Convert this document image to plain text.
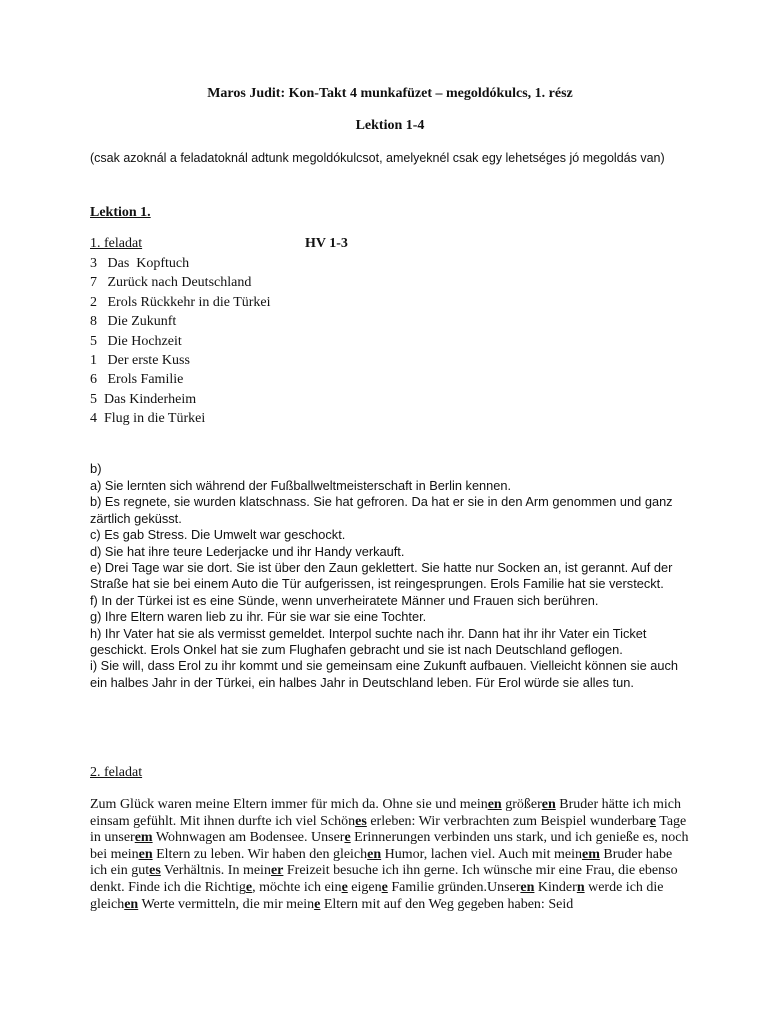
Maros Judit: Kon-Takt 4 munkafüzet – megoldókulcs, 1. rész
Lektion 1-4
(csak azoknál a feladatoknál adtunk megoldókulcsot, amelyeknél csak egy lehetséges jó megoldás van)
Lektion 1.
1. feladat	HV 1-3
3   Das  Kopftuch
7   Zurück nach Deutschland
2   Erols Rückkehr in die Türkei
8   Die Zukunft
5   Die Hochzeit
1   Der erste Kuss
6   Erols Familie
5  Das Kinderheim
4  Flug in die Türkei
b)
a) Sie lernten sich während der Fußballweltmeisterschaft in Berlin kennen.
b) Es regnete, sie wurden klatschnass. Sie hat gefroren. Da hat er sie in den Arm genommen und ganz zärtlich geküsst.
c) Es gab Stress. Die Umwelt war geschockt.
d) Sie hat ihre teure Lederjacke und ihr Handy verkauft.
e) Drei Tage war sie dort. Sie ist über den Zaun geklettert. Sie hatte nur Socken an, ist gerannt. Auf der Straße hat sie bei einem Auto die Tür aufgerissen, ist reingesprungen. Erols Familie hat sie versteckt.
f) In der Türkei ist es eine Sünde, wenn unverheiratete Männer und Frauen sich berühren.
g) Ihre Eltern waren lieb zu ihr. Für sie war sie eine Tochter.
h) Ihr Vater hat sie als vermisst gemeldet. Interpol suchte nach ihr. Dann hat ihr ihr Vater ein Ticket geschickt. Erols Onkel hat sie zum Flughafen gebracht und sie ist nach Deutschland geflogen.
i) Sie will, dass Erol zu ihr kommt und sie gemeinsam eine Zukunft aufbauen. Vielleicht können sie auch ein halbes Jahr in der Türkei, ein halbes Jahr in Deutschland leben. Für Erol würde sie alles tun.
2. feladat
Zum Glück waren meine Eltern immer für mich da. Ohne sie und meinen größeren Bruder hätte ich mich einsam gefühlt. Mit ihnen durfte ich viel Schönes erleben: Wir verbrachten zum Beispiel wunderbare Tage in unserem Wohnwagen am Bodensee. Unsere Erinnerungen verbinden uns stark, und ich genieße es, noch bei meinen Eltern zu leben. Wir haben den gleichen Humor, lachen viel. Auch mit meinem Bruder habe ich ein gutes Verhältnis. In meiner Freizeit besuche ich ihn gerne. Ich wünsche mir eine Frau, die ebenso denkt. Finde ich die Richtige, möchte ich eine eigene Familie gründen.Unseren Kindern werde ich die gleichen Werte vermitteln, die mir meine Eltern mit auf den Weg gegeben haben: Seid
